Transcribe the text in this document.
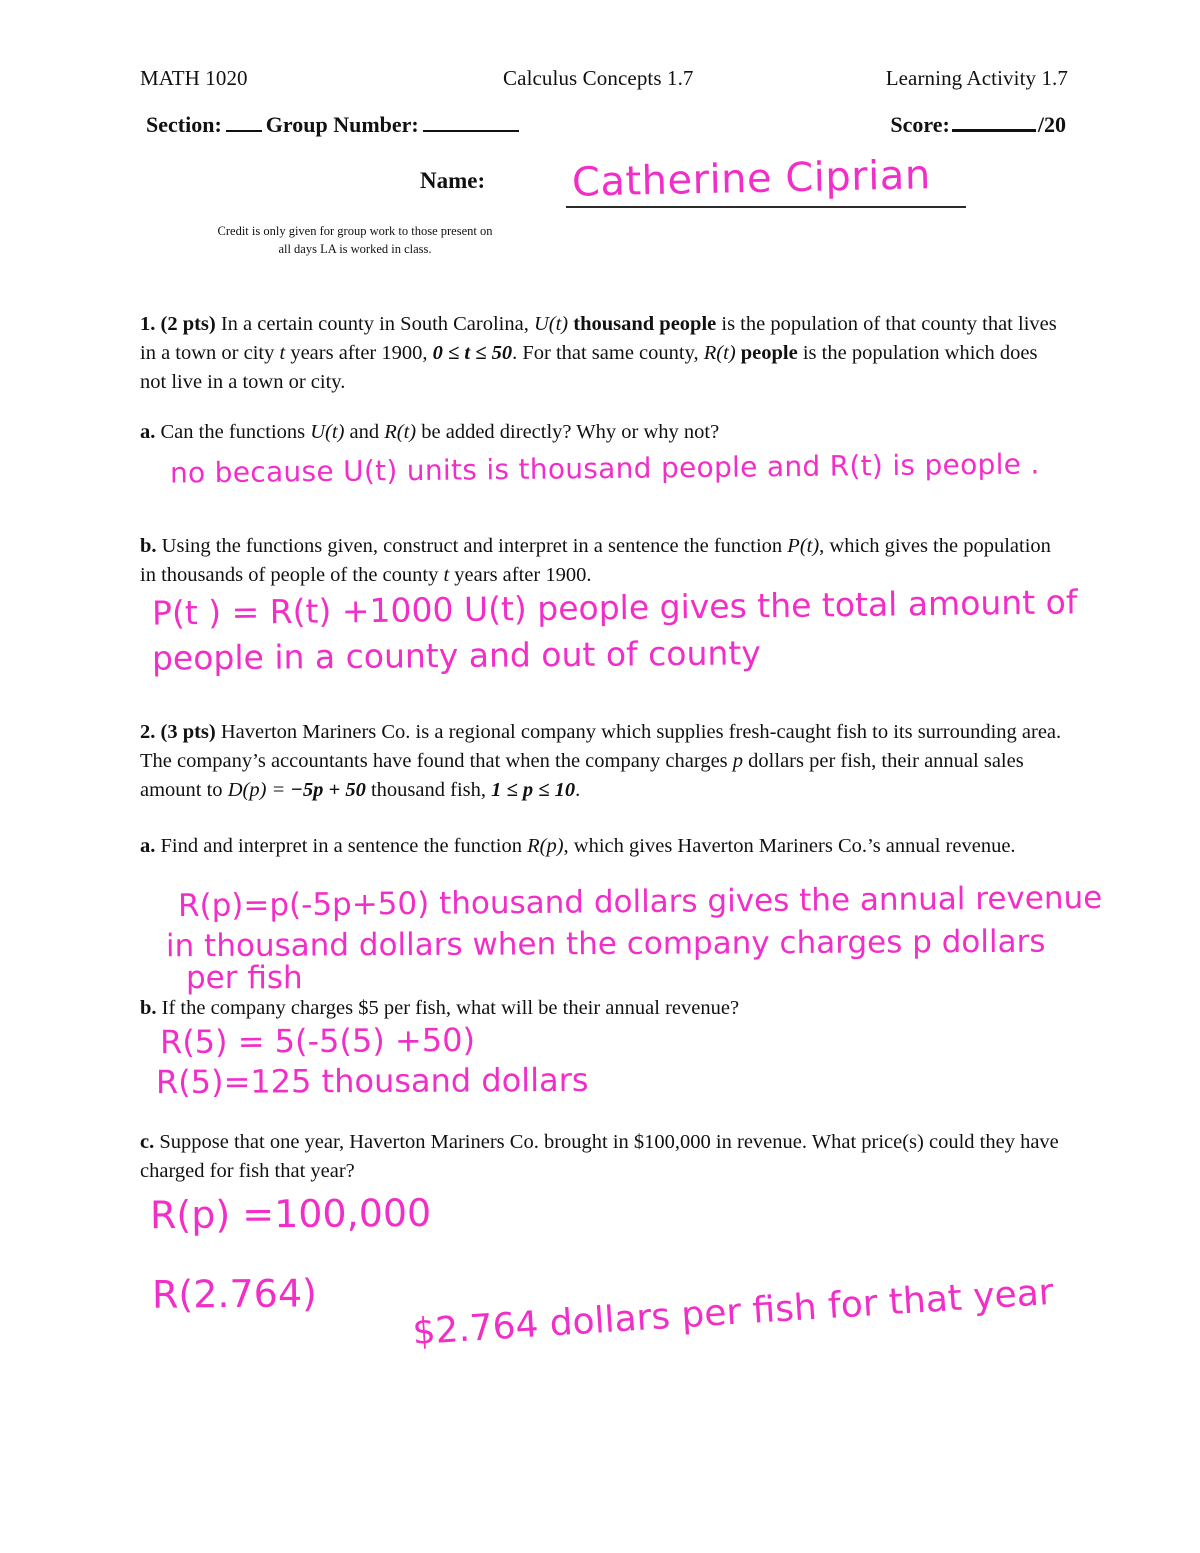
MATH 1020	Calculus Concepts 1.7	Learning Activity 1.7
Section: Group Number:	Score:	/20
Name: Catherine Ciprian
Credit is only given for group work to those present on all days LA is worked in class.
1. (2 pts) In a certain county in South Carolina, U(t) thousand people is the population of that county that lives in a town or city t years after 1900, 0 ≤ t ≤ 50. For that same county, R(t) people is the population which does not live in a town or city.
a. Can the functions U(t) and R(t) be added directly? Why or why not?
no because U(t) units is thousand people and R(t) is people .
b. Using the functions given, construct and interpret in a sentence the function P(t), which gives the population in thousands of people of the county t years after 1900.
P(t ) = R(t) +1000 U(t) people gives the total amount of
people in a county and out of county
2. (3 pts) Haverton Mariners Co. is a regional company which supplies fresh-caught fish to its surrounding area. The company’s accountants have found that when the company charges p dollars per fish, their annual sales amount to D(p) = −5p + 50 thousand fish, 1 ≤ p ≤ 10.
a. Find and interpret in a sentence the function R(p), which gives Haverton Mariners Co.’s annual revenue.
R(p)=p(-5p+50) thousand dollars gives the annual revenue
in thousand dollars when the company charges p dollars
per fish
b. If the company charges $5 per fish, what will be their annual revenue?
R(5) = 5(-5(5) +50)
R(5)=125 thousand dollars
c. Suppose that one year, Haverton Mariners Co. brought in $100,000 in revenue. What price(s) could they have charged for fish that year?
R(p) =100,000
R(2.764)	$2.764 dollars per fish for that year
